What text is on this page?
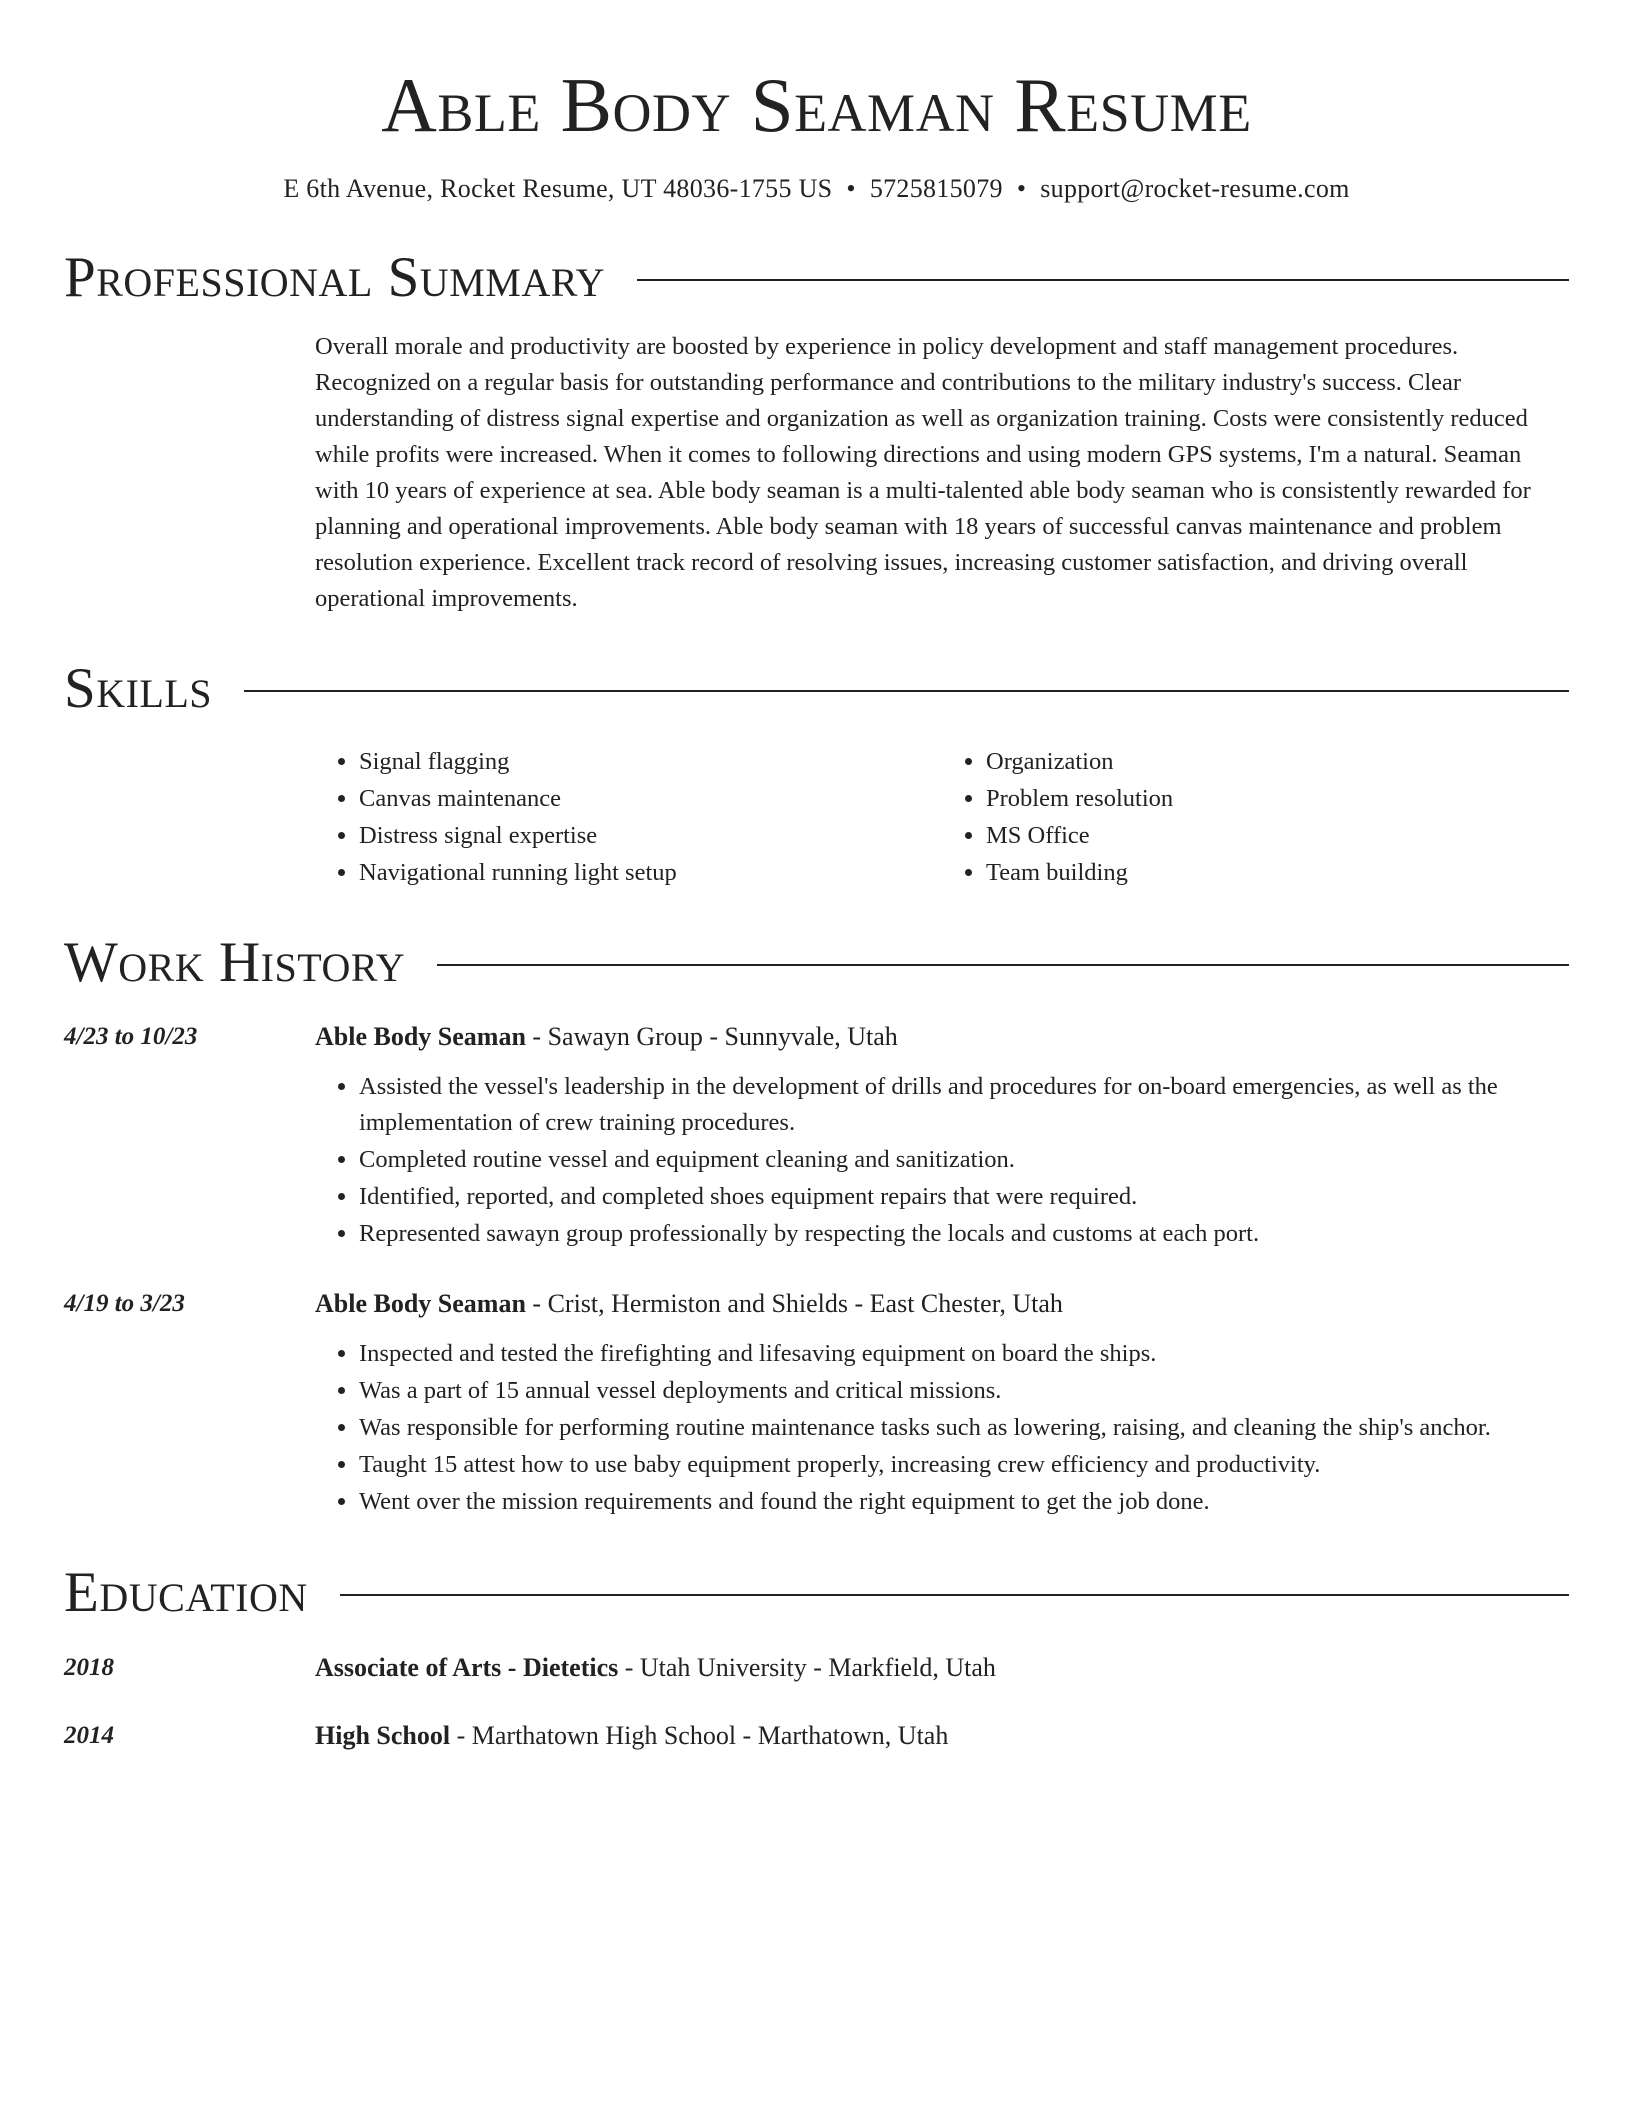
Able Body Seaman Resume
E 6th Avenue, Rocket Resume, UT 48036-1755 US • 5725815079 • support@rocket-resume.com
Professional Summary
Overall morale and productivity are boosted by experience in policy development and staff management procedures. Recognized on a regular basis for outstanding performance and contributions to the military industry's success. Clear understanding of distress signal expertise and organization as well as organization training. Costs were consistently reduced while profits were increased. When it comes to following directions and using modern GPS systems, I'm a natural. Seaman with 10 years of experience at sea. Able body seaman is a multi-talented able body seaman who is consistently rewarded for planning and operational improvements. Able body seaman with 18 years of successful canvas maintenance and problem resolution experience. Excellent track record of resolving issues, increasing customer satisfaction, and driving overall operational improvements.
Skills
• Signal flagging
• Canvas maintenance
• Distress signal expertise
• Navigational running light setup
• Organization
• Problem resolution
• MS Office
• Team building
Work History
4/23 to 10/23	Able Body Seaman - Sawayn Group - Sunnyvale, Utah
• Assisted the vessel's leadership in the development of drills and procedures for on-board emergencies, as well as the implementation of crew training procedures.
• Completed routine vessel and equipment cleaning and sanitization.
• Identified, reported, and completed shoes equipment repairs that were required.
• Represented sawayn group professionally by respecting the locals and customs at each port.
4/19 to 3/23	Able Body Seaman - Crist, Hermiston and Shields - East Chester, Utah
• Inspected and tested the firefighting and lifesaving equipment on board the ships.
• Was a part of 15 annual vessel deployments and critical missions.
• Was responsible for performing routine maintenance tasks such as lowering, raising, and cleaning the ship's anchor.
• Taught 15 attest how to use baby equipment properly, increasing crew efficiency and productivity.
• Went over the mission requirements and found the right equipment to get the job done.
Education
2018	Associate of Arts - Dietetics - Utah University - Markfield, Utah
2014	High School - Marthatown High School - Marthatown, Utah
